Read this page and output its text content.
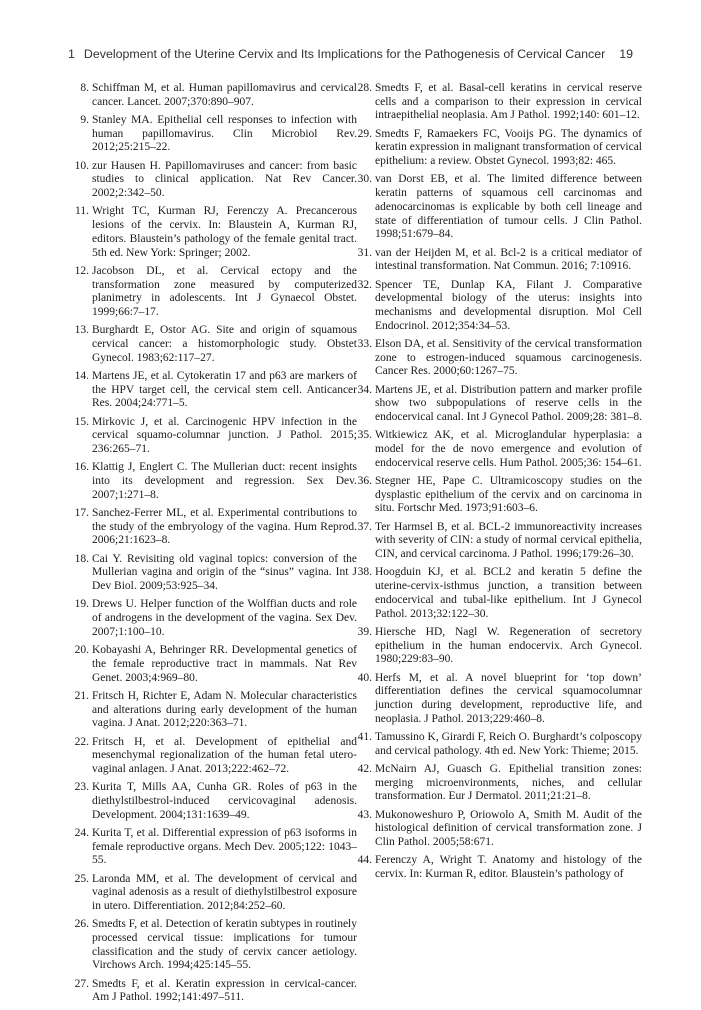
1 Development of the Uterine Cervix and Its Implications for the Pathogenesis of Cervical Cancer 19
8. Schiffman M, et al. Human papillomavirus and cervical cancer. Lancet. 2007;370:890–907.
9. Stanley MA. Epithelial cell responses to infection with human papillomavirus. Clin Microbiol Rev. 2012;25:215–22.
10. zur Hausen H. Papillomaviruses and cancer: from basic studies to clinical application. Nat Rev Cancer. 2002;2:342–50.
11. Wright TC, Kurman RJ, Ferenczy A. Precancerous lesions of the cervix. In: Blaustein A, Kurman RJ, editors. Blaustein’s pathology of the female genital tract. 5th ed. New York: Springer; 2002.
12. Jacobson DL, et al. Cervical ectopy and the transformation zone measured by computerized planimetry in adolescents. Int J Gynaecol Obstet. 1999;66:7–17.
13. Burghardt E, Ostor AG. Site and origin of squamous cervical cancer: a histomorphologic study. Obstet Gynecol. 1983;62:117–27.
14. Martens JE, et al. Cytokeratin 17 and p63 are markers of the HPV target cell, the cervical stem cell. Anticancer Res. 2004;24:771–5.
15. Mirkovic J, et al. Carcinogenic HPV infection in the cervical squamo-columnar junction. J Pathol. 2015; 236:265–71.
16. Klattig J, Englert C. The Mullerian duct: recent insights into its development and regression. Sex Dev. 2007;1:271–8.
17. Sanchez-Ferrer ML, et al. Experimental contributions to the study of the embryology of the vagina. Hum Reprod. 2006;21:1623–8.
18. Cai Y. Revisiting old vaginal topics: conversion of the Mullerian vagina and origin of the “sinus” vagina. Int J Dev Biol. 2009;53:925–34.
19. Drews U. Helper function of the Wolffian ducts and role of androgens in the development of the vagina. Sex Dev. 2007;1:100–10.
20. Kobayashi A, Behringer RR. Developmental genetics of the female reproductive tract in mammals. Nat Rev Genet. 2003;4:969–80.
21. Fritsch H, Richter E, Adam N. Molecular characteristics and alterations during early development of the human vagina. J Anat. 2012;220:363–71.
22. Fritsch H, et al. Development of epithelial and mesenchymal regionalization of the human fetal utero-vaginal anlagen. J Anat. 2013;222:462–72.
23. Kurita T, Mills AA, Cunha GR. Roles of p63 in the diethylstilbestrol-induced cervicovaginal adenosis. Development. 2004;131:1639–49.
24. Kurita T, et al. Differential expression of p63 isoforms in female reproductive organs. Mech Dev. 2005;122: 1043–55.
25. Laronda MM, et al. The development of cervical and vaginal adenosis as a result of diethylstilbestrol exposure in utero. Differentiation. 2012;84:252–60.
26. Smedts F, et al. Detection of keratin subtypes in routinely processed cervical tissue: implications for tumour classification and the study of cervix cancer aetiology. Virchows Arch. 1994;425:145–55.
27. Smedts F, et al. Keratin expression in cervical-cancer. Am J Pathol. 1992;141:497–511.
28. Smedts F, et al. Basal-cell keratins in cervical reserve cells and a comparison to their expression in cervical intraepithelial neoplasia. Am J Pathol. 1992;140: 601–12.
29. Smedts F, Ramaekers FC, Vooijs PG. The dynamics of keratin expression in malignant transformation of cervical epithelium: a review. Obstet Gynecol. 1993;82: 465.
30. van Dorst EB, et al. The limited difference between keratin patterns of squamous cell carcinomas and adenocarcinomas is explicable by both cell lineage and state of differentiation of tumour cells. J Clin Pathol. 1998;51:679–84.
31. van der Heijden M, et al. Bcl-2 is a critical mediator of intestinal transformation. Nat Commun. 2016; 7:10916.
32. Spencer TE, Dunlap KA, Filant J. Comparative developmental biology of the uterus: insights into mechanisms and developmental disruption. Mol Cell Endocrinol. 2012;354:34–53.
33. Elson DA, et al. Sensitivity of the cervical transformation zone to estrogen-induced squamous carcinogenesis. Cancer Res. 2000;60:1267–75.
34. Martens JE, et al. Distribution pattern and marker profile show two subpopulations of reserve cells in the endocervical canal. Int J Gynecol Pathol. 2009;28: 381–8.
35. Witkiewicz AK, et al. Microglandular hyperplasia: a model for the de novo emergence and evolution of endocervical reserve cells. Hum Pathol. 2005;36: 154–61.
36. Stegner HE, Pape C. Ultramicoscopy studies on the dysplastic epithelium of the cervix and on carcinoma in situ. Fortschr Med. 1973;91:603–6.
37. Ter Harmsel B, et al. BCL-2 immunoreactivity increases with severity of CIN: a study of normal cervical epithelia, CIN, and cervical carcinoma. J Pathol. 1996;179:26–30.
38. Hoogduin KJ, et al. BCL2 and keratin 5 define the uterine-cervix-isthmus junction, a transition between endocervical and tubal-like epithelium. Int J Gynecol Pathol. 2013;32:122–30.
39. Hiersche HD, Nagl W. Regeneration of secretory epithelium in the human endocervix. Arch Gynecol. 1980;229:83–90.
40. Herfs M, et al. A novel blueprint for ‘top down’ differentiation defines the cervical squamocolumnar junction during development, reproductive life, and neoplasia. J Pathol. 2013;229:460–8.
41. Tamussino K, Girardi F, Reich O. Burghardt’s colposcopy and cervical pathology. 4th ed. New York: Thieme; 2015.
42. McNairn AJ, Guasch G. Epithelial transition zones: merging microenvironments, niches, and cellular transformation. Eur J Dermatol. 2011;21:21–8.
43. Mukonoweshuro P, Oriowolo A, Smith M. Audit of the histological definition of cervical transformation zone. J Clin Pathol. 2005;58:671.
44. Ferenczy A, Wright T. Anatomy and histology of the cervix. In: Kurman R, editor. Blaustein’s pathology of
